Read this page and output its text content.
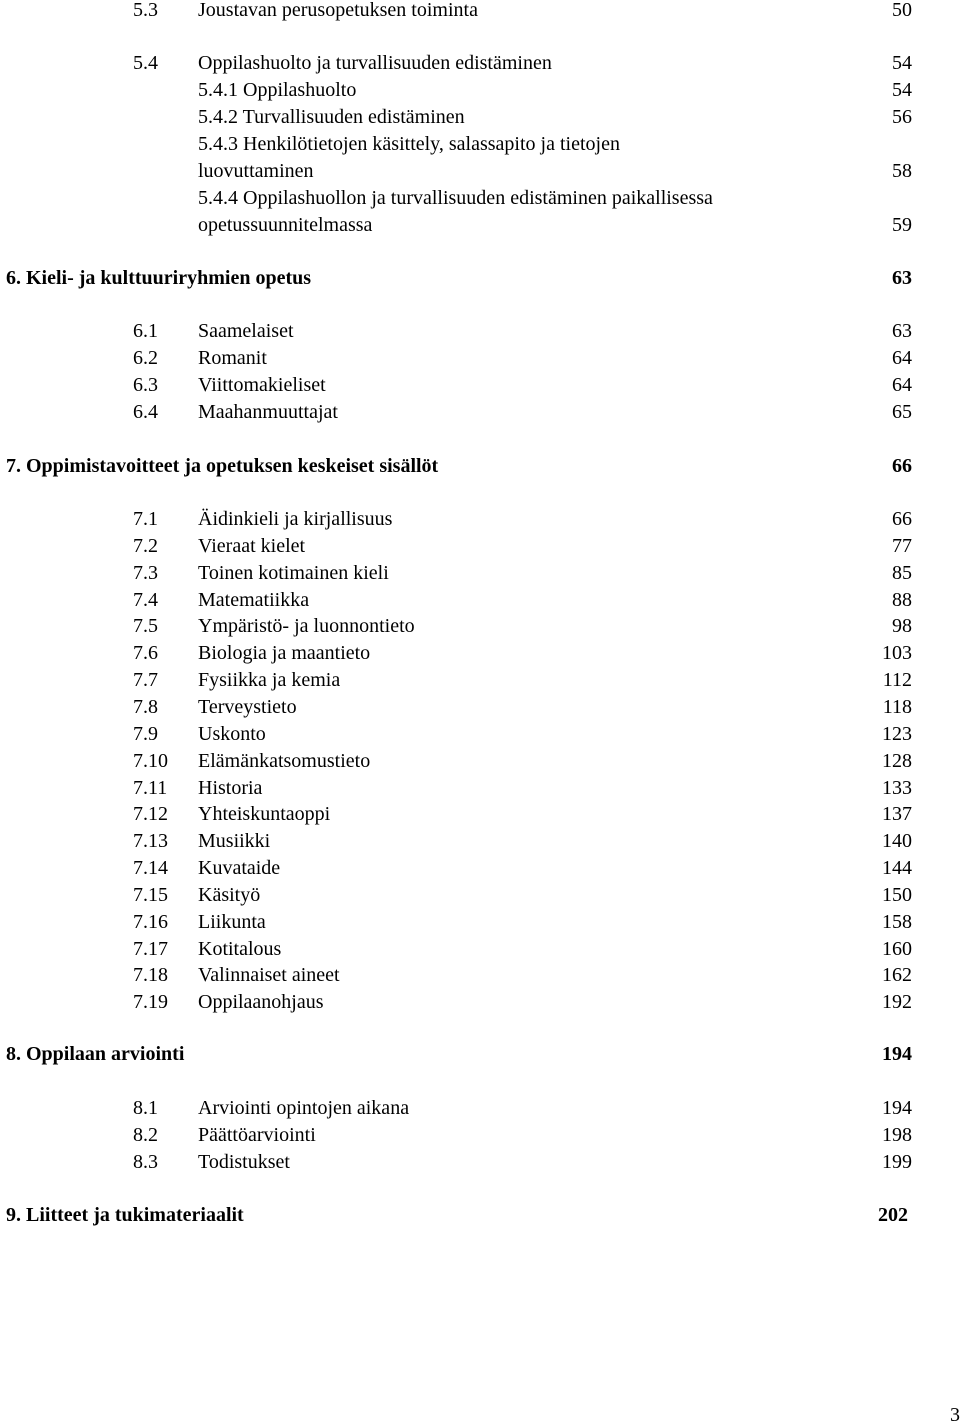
5.3 Joustavan perusopetuksen toiminta	50
5.4 Oppilashuolto ja turvallisuuden edistäminen	54
5.4.1 Oppilashuolto	54
5.4.2 Turvallisuuden edistäminen	56
5.4.3 Henkilötietojen käsittely, salassapito ja tietojen
luovuttaminen	58
5.4.4 Oppilashuollon ja turvallisuuden edistäminen paikallisessa
opetussuunnitelmassa	59
6. Kieli- ja kulttuuriryhmien opetus	63
6.1 Saamelaiset	63
6.2 Romanit	64
6.3 Viittomakieliset	64
6.4 Maahanmuuttajat	65
7. Oppimistavoitteet ja opetuksen keskeiset sisällöt	66
7.1 Äidinkieli ja kirjallisuus	66
7.2 Vieraat kielet	77
7.3 Toinen kotimainen kieli	85
7.4 Matematiikka	88
7.5 Ympäristö- ja luonnontieto	98
7.6 Biologia ja maantieto	103
7.7 Fysiikka ja kemia	112
7.8 Terveystieto	118
7.9 Uskonto	123
7.10 Elämänkatsomustieto	128
7.11 Historia	133
7.12 Yhteiskuntaoppi	137
7.13 Musiikki	140
7.14 Kuvataide	144
7.15 Käsityö	150
7.16 Liikunta	158
7.17 Kotitalous	160
7.18 Valinnaiset aineet	162
7.19 Oppilaanohjaus	192
8. Oppilaan arviointi	194
8.1 Arviointi opintojen aikana	194
8.2 Päättöarviointi	198
8.3 Todistukset	199
9. Liitteet ja tukimateriaalit	202
3
